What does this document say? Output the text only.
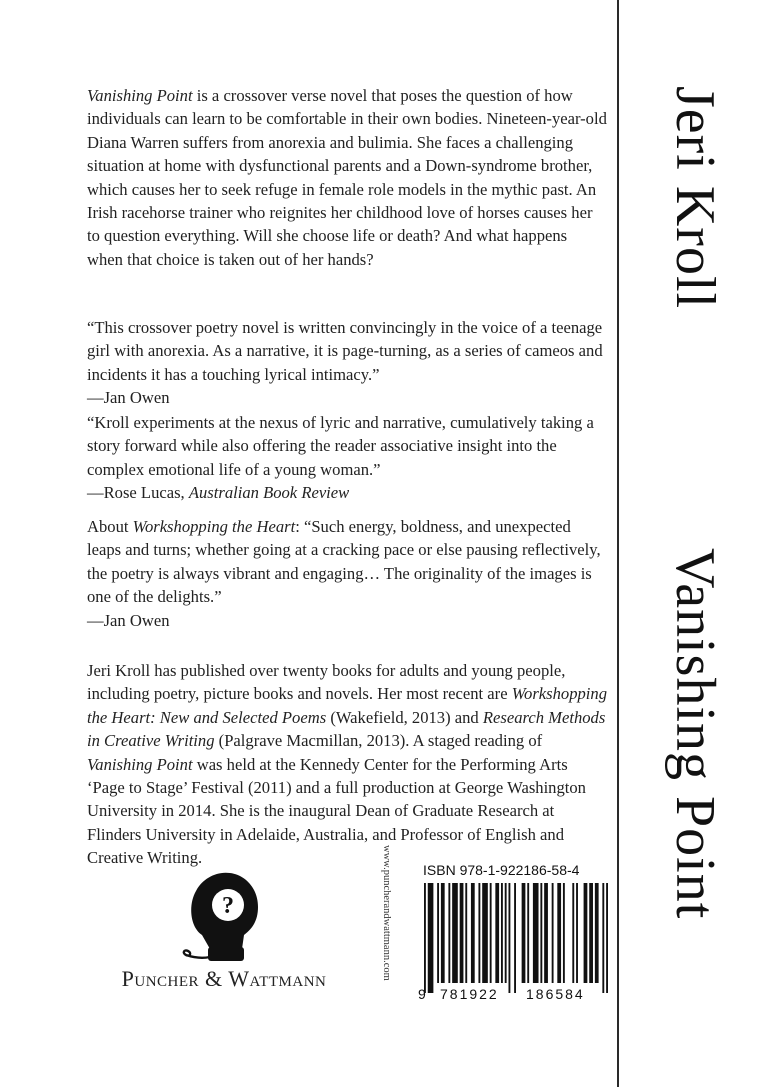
Vanishing Point is a crossover verse novel that poses the question of how individuals can learn to be comfortable in their own bodies. Nineteen-year-old Diana Warren suffers from anorexia and bulimia. She faces a challenging situation at home with dysfunctional parents and a Down-syndrome brother, which causes her to seek refuge in female role models in the mythic past. An Irish racehorse trainer who reignites her childhood love of horses causes her to question everything. Will she choose life or death? And what happens when that choice is taken out of her hands?

“This crossover poetry novel is written convincingly in the voice of a teenage girl with anorexia. As a narrative, it is page-turning, as a series of cameos and incidents it has a touching lyrical intimacy.”
—Jan Owen

“Kroll experiments at the nexus of lyric and narrative, cumulatively taking a story forward while also offering the reader associative insight into the complex emotional life of a young woman.”
—Rose Lucas, Australian Book Review

About Workshopping the Heart: “Such energy, boldness, and unexpected leaps and turns; whether going at a cracking pace or else pausing reflectively, the poetry is always vibrant and engaging… The originality of the images is one of the delights.”
—Jan Owen

Jeri Kroll has published over twenty books for adults and young people, including poetry, picture books and novels. Her most recent are Workshopping the Heart: New and Selected Poems (Wakefield, 2013) and Research Methods in Creative Writing (Palgrave Macmillan, 2013). A staged reading of Vanishing Point was held at the Kennedy Center for the Performing Arts ‘Page to Stage’ Festival (2011) and a full production at George Washington University in 2014. She is the inaugural Dean of Graduate Research at Flinders University in Adelaide, Australia, and Professor of English and Creative Writing.

?
Puncher & Wattmann	www.puncherandwattmann.com ISBN 978-1-922186-58-4
9 781922 186584
Jeri Kroll
Vanishing Point
